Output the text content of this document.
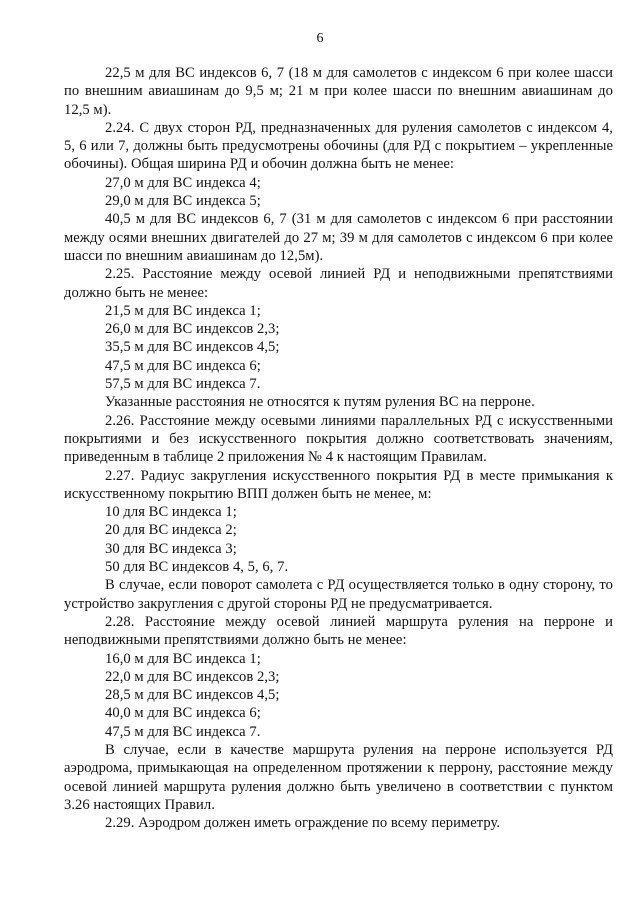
6

22,5 м для ВС индексов 6, 7 (18 м для самолетов с индексом 6 при колее шасси по внешним авиашинам до 9,5 м; 21 м при колее шасси по внешним авиашинам до 12,5 м).

2.24. С двух сторон РД, предназначенных для руления самолетов с индексом 4, 5, 6 или 7, должны быть предусмотрены обочины (для РД с покрытием – укрепленные обочины). Общая ширина РД и обочин должна быть не менее:

27,0 м для ВС индекса 4;

29,0 м для ВС индекса 5;

40,5 м для ВС индексов 6, 7 (31 м для самолетов с индексом 6 при расстоянии между осями внешних двигателей до 27 м; 39 м для самолетов с индексом 6 при колее шасси по внешним авиашинам до 12,5м).

2.25. Расстояние между осевой линией РД и неподвижными препятствиями должно быть не менее:

21,5 м для ВС индекса 1;

26,0 м для ВС индексов 2,3;

35,5 м для ВС индексов 4,5;

47,5 м для ВС индекса 6;

57,5 м для ВС индекса 7.

Указанные расстояния не относятся к путям руления ВС на перроне.

2.26. Расстояние между осевыми линиями параллельных РД с искусственными покрытиями и без искусственного покрытия должно соответствовать значениям, приведенным в таблице 2 приложения № 4 к настоящим Правилам.

2.27. Радиус закругления искусственного покрытия РД в месте примыкания к искусственному покрытию ВПП должен быть не менее, м:

10 для ВС индекса 1;

20 для ВС индекса 2;

30 для ВС индекса 3;

50 для ВС индексов 4, 5, 6, 7.

В случае, если поворот самолета с РД осуществляется только в одну сторону, то устройство закругления с другой стороны РД не предусматривается.

2.28. Расстояние между осевой линией маршрута руления на перроне и неподвижными препятствиями должно быть не менее:

16,0 м для ВС индекса 1;

22,0 м для ВС индексов 2,3;

28,5 м для ВС индексов 4,5;

40,0 м для ВС индекса 6;

47,5 м для ВС индекса 7.

В случае, если в качестве маршрута руления на перроне используется РД аэродрома, примыкающая на определенном протяжении к перрону, расстояние между осевой линией маршрута руления должно быть увеличено в соответствии с пунктом 3.26 настоящих Правил.

2.29. Аэродром должен иметь ограждение по всему периметру.
